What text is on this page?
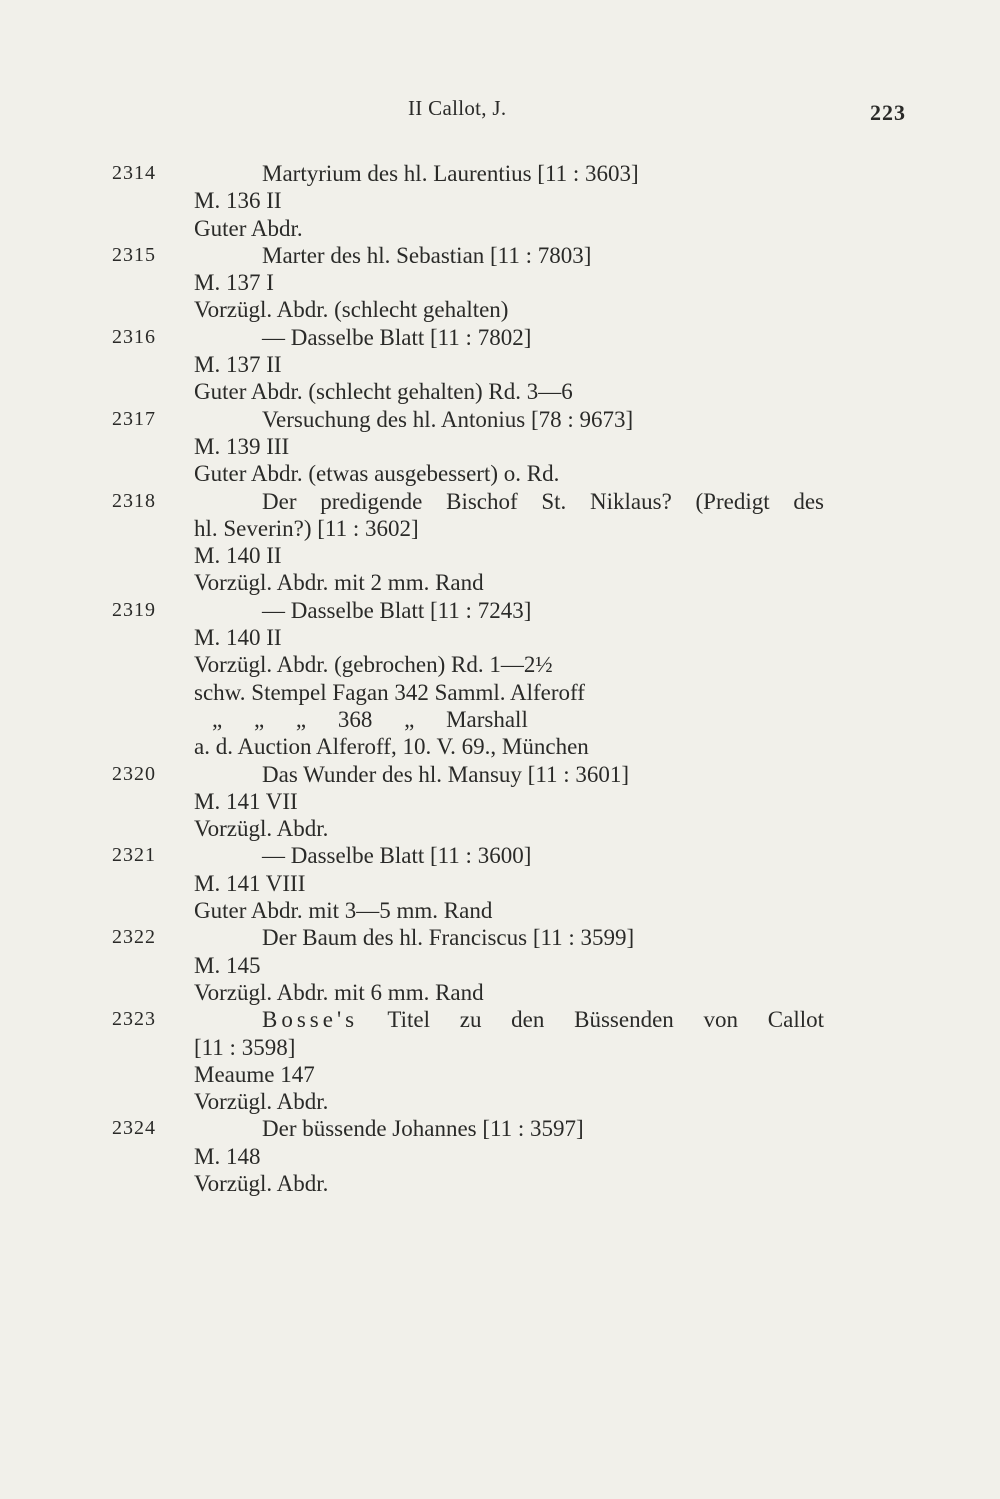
II Callot, J.	223
2314	Martyrium des hl. Laurentius [11 : 3603]
M. 136 II
Guter Abdr.
2315	Marter des hl. Sebastian [11 : 7803]
M. 137 I
Vorzügl. Abdr. (schlecht gehalten)
2316	— Dasselbe Blatt [11 : 7802]
M. 137 II
Guter Abdr. (schlecht gehalten) Rd. 3—6
2317	Versuchung des hl. Antonius [78 : 9673]
M. 139 III
Guter Abdr. (etwas ausgebessert) o. Rd.
2318	Der predigende Bischof St. Niklaus? (Predigt des
hl. Severin?) [11 : 3602]
M. 140 II
Vorzügl. Abdr. mit 2 mm. Rand
2319	— Dasselbe Blatt [11 : 7243]
M. 140 II
Vorzügl. Abdr. (gebrochen) Rd. 1—2½
schw. Stempel Fagan 342 Samml. Alferoff
„ „ „ 368 „ Marshall
a. d. Auction Alferoff, 10. V. 69., München
2320	Das Wunder des hl. Mansuy [11 : 3601]
M. 141 VII
Vorzügl. Abdr.
2321	— Dasselbe Blatt [11 : 3600]
M. 141 VIII
Guter Abdr. mit 3—5 mm. Rand
2322	Der Baum des hl. Franciscus [11 : 3599]
M. 145
Vorzügl. Abdr. mit 6 mm. Rand
2323	Bosse's Titel zu den Büssenden von Callot
[11 : 3598]
Meaume 147
Vorzügl. Abdr.
2324	Der büssende Johannes [11 : 3597]
M. 148
Vorzügl. Abdr.
